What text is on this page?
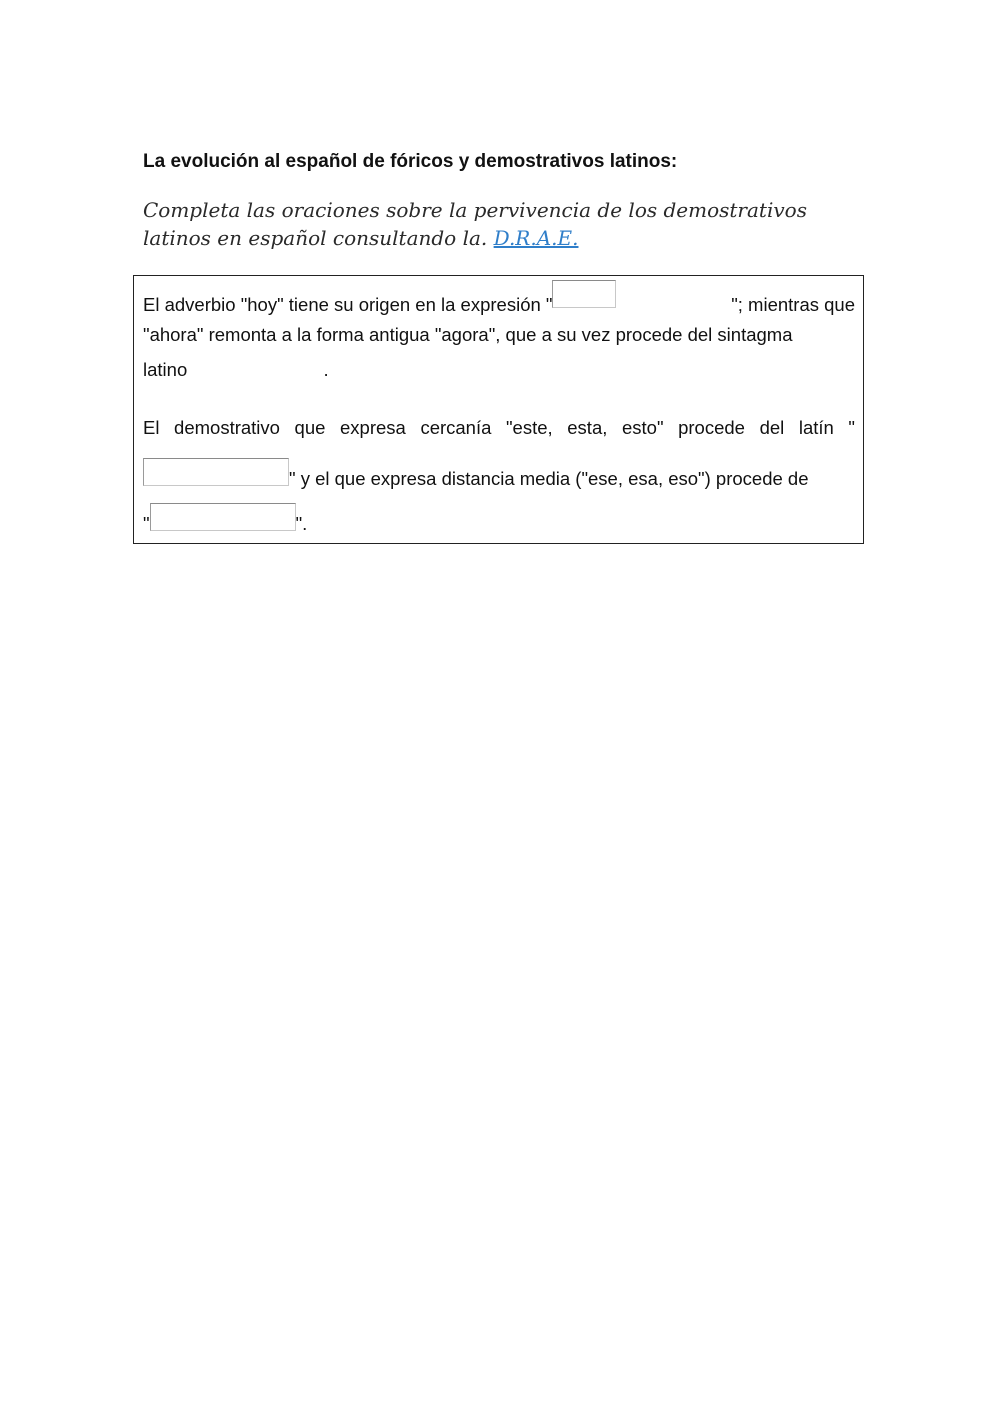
La evolución al español de fóricos y demostrativos latinos:
Completa las oraciones sobre la pervivencia de los demostrativos latinos en español consultando la. D.R.A.E.
El adverbio "hoy" tiene su origen en la expresión "	"; mientras que
"ahora" remonta a la forma antigua "agora", que a su vez procede del sintagma
latino	.
El demostrativo que expresa cercanía "este, esta, esto" procede del latín "
" y el que expresa distancia media ("ese, esa, eso") procede de
"	".
